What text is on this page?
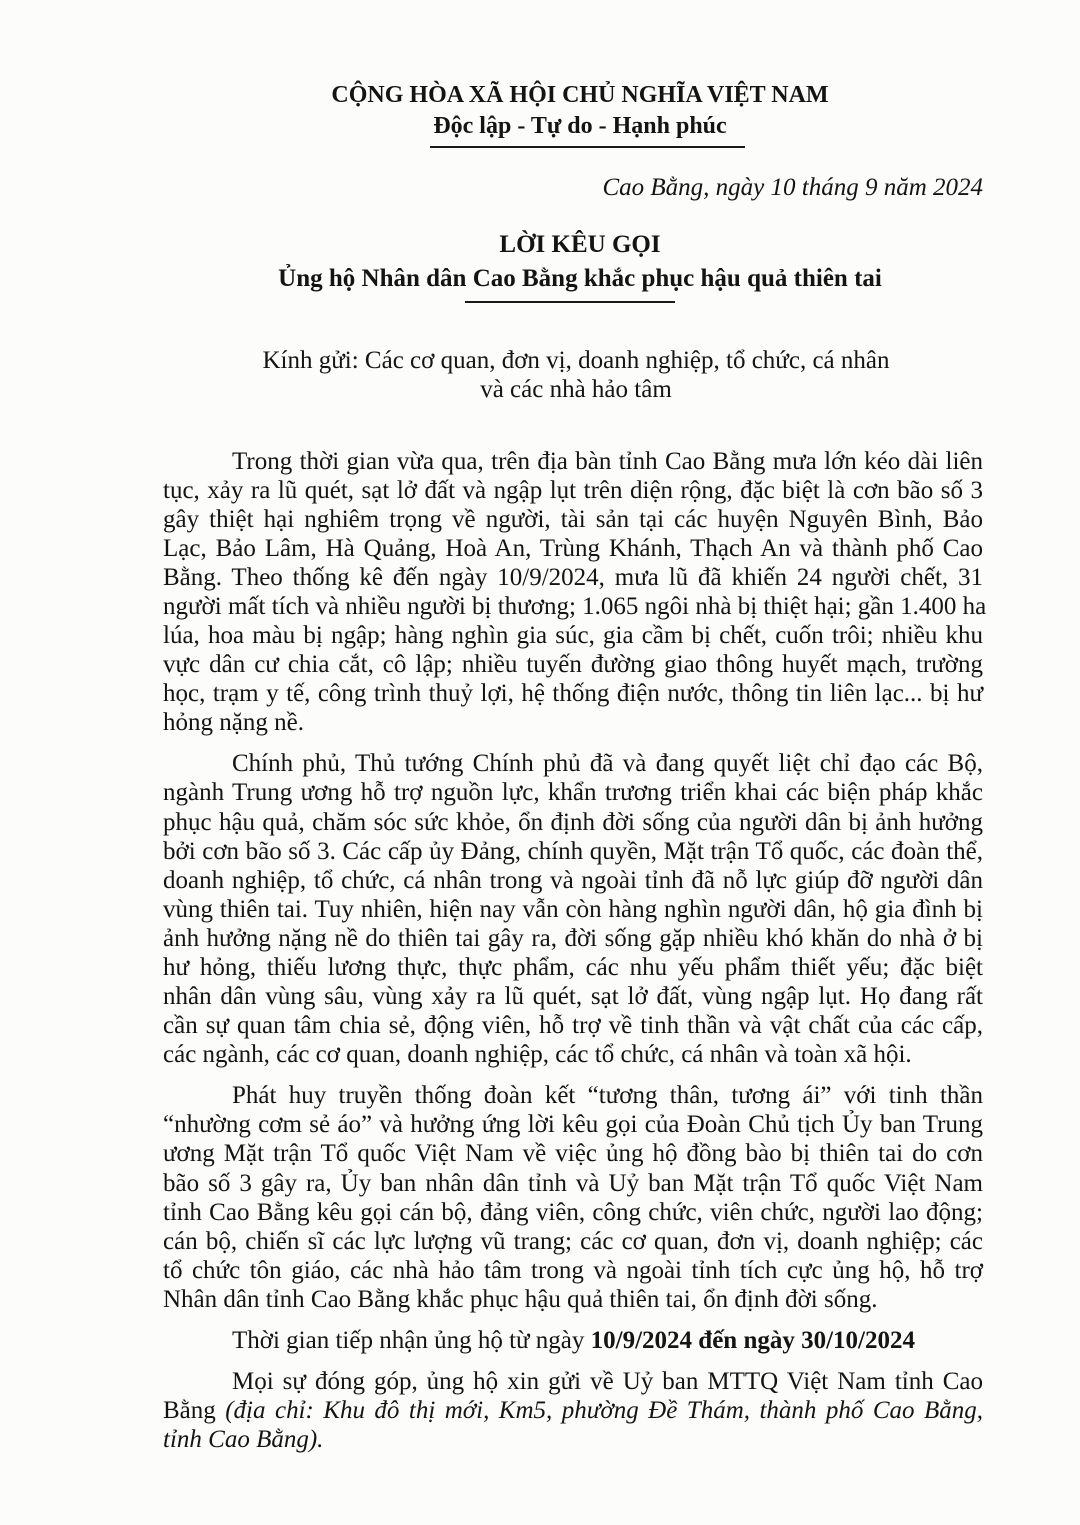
CỘNG HÒA XÃ HỘI CHỦ NGHĨA VIỆT NAM
Độc lập - Tự do - Hạnh phúc
Cao Bằng, ngày 10 tháng 9 năm 2024
LỜI KÊU GỌI
Ủng hộ Nhân dân Cao Bằng khắc phục hậu quả thiên tai
Kính gửi: Các cơ quan, đơn vị, doanh nghiệp, tổ chức, cá nhân
và các nhà hảo tâm
Trong thời gian vừa qua, trên địa bàn tỉnh Cao Bằng mưa lớn kéo dài liên
tục, xảy ra lũ quét, sạt lở đất và ngập lụt trên diện rộng, đặc biệt là cơn bão số 3
gây thiệt hại nghiêm trọng về người, tài sản tại các huyện Nguyên Bình, Bảo
Lạc, Bảo Lâm, Hà Quảng, Hoà An, Trùng Khánh, Thạch An và thành phố Cao
Bằng. Theo thống kê đến ngày 10/9/2024, mưa lũ đã khiến 24 người chết, 31
người mất tích và nhiều người bị thương; 1.065 ngôi nhà bị thiệt hại; gần 1.400 ha
lúa, hoa màu bị ngập; hàng nghìn gia súc, gia cầm bị chết, cuốn trôi; nhiều khu
vực dân cư chia cắt, cô lập; nhiều tuyến đường giao thông huyết mạch, trường
học, trạm y tế, công trình thuỷ lợi, hệ thống điện nước, thông tin liên lạc... bị hư
hỏng nặng nề.
Chính phủ, Thủ tướng Chính phủ đã và đang quyết liệt chỉ đạo các Bộ,
ngành Trung ương hỗ trợ nguồn lực, khẩn trương triển khai các biện pháp khắc
phục hậu quả, chăm sóc sức khỏe, ổn định đời sống của người dân bị ảnh hưởng
bởi cơn bão số 3. Các cấp ủy Đảng, chính quyền, Mặt trận Tổ quốc, các đoàn thể,
doanh nghiệp, tổ chức, cá nhân trong và ngoài tỉnh đã nỗ lực giúp đỡ người dân
vùng thiên tai. Tuy nhiên, hiện nay vẫn còn hàng nghìn người dân, hộ gia đình bị
ảnh hưởng nặng nề do thiên tai gây ra, đời sống gặp nhiều khó khăn do nhà ở bị
hư hỏng, thiếu lương thực, thực phẩm, các nhu yếu phẩm thiết yếu; đặc biệt
nhân dân vùng sâu, vùng xảy ra lũ quét, sạt lở đất, vùng ngập lụt. Họ đang rất
cần sự quan tâm chia sẻ, động viên, hỗ trợ về tinh thần và vật chất của các cấp,
các ngành, các cơ quan, doanh nghiệp, các tổ chức, cá nhân và toàn xã hội.
Phát huy truyền thống đoàn kết “tương thân, tương ái” với tinh thần
“nhường cơm sẻ áo” và hưởng ứng lời kêu gọi của Đoàn Chủ tịch Ủy ban Trung
ương Mặt trận Tổ quốc Việt Nam về việc ủng hộ đồng bào bị thiên tai do cơn
bão số 3 gây ra, Ủy ban nhân dân tỉnh và Uỷ ban Mặt trận Tổ quốc Việt Nam
tỉnh Cao Bằng kêu gọi cán bộ, đảng viên, công chức, viên chức, người lao động;
cán bộ, chiến sĩ các lực lượng vũ trang; các cơ quan, đơn vị, doanh nghiệp; các
tổ chức tôn giáo, các nhà hảo tâm trong và ngoài tỉnh tích cực ủng hộ, hỗ trợ
Nhân dân tỉnh Cao Bằng khắc phục hậu quả thiên tai, ổn định đời sống.
Thời gian tiếp nhận ủng hộ từ ngày 10/9/2024 đến ngày 30/10/2024
Mọi sự đóng góp, ủng hộ xin gửi về Uỷ ban MTTQ Việt Nam tỉnh Cao
Bằng (địa chỉ: Khu đô thị mới, Km5, phường Đề Thám, thành phố Cao Bằng,
tỉnh Cao Bằng).
